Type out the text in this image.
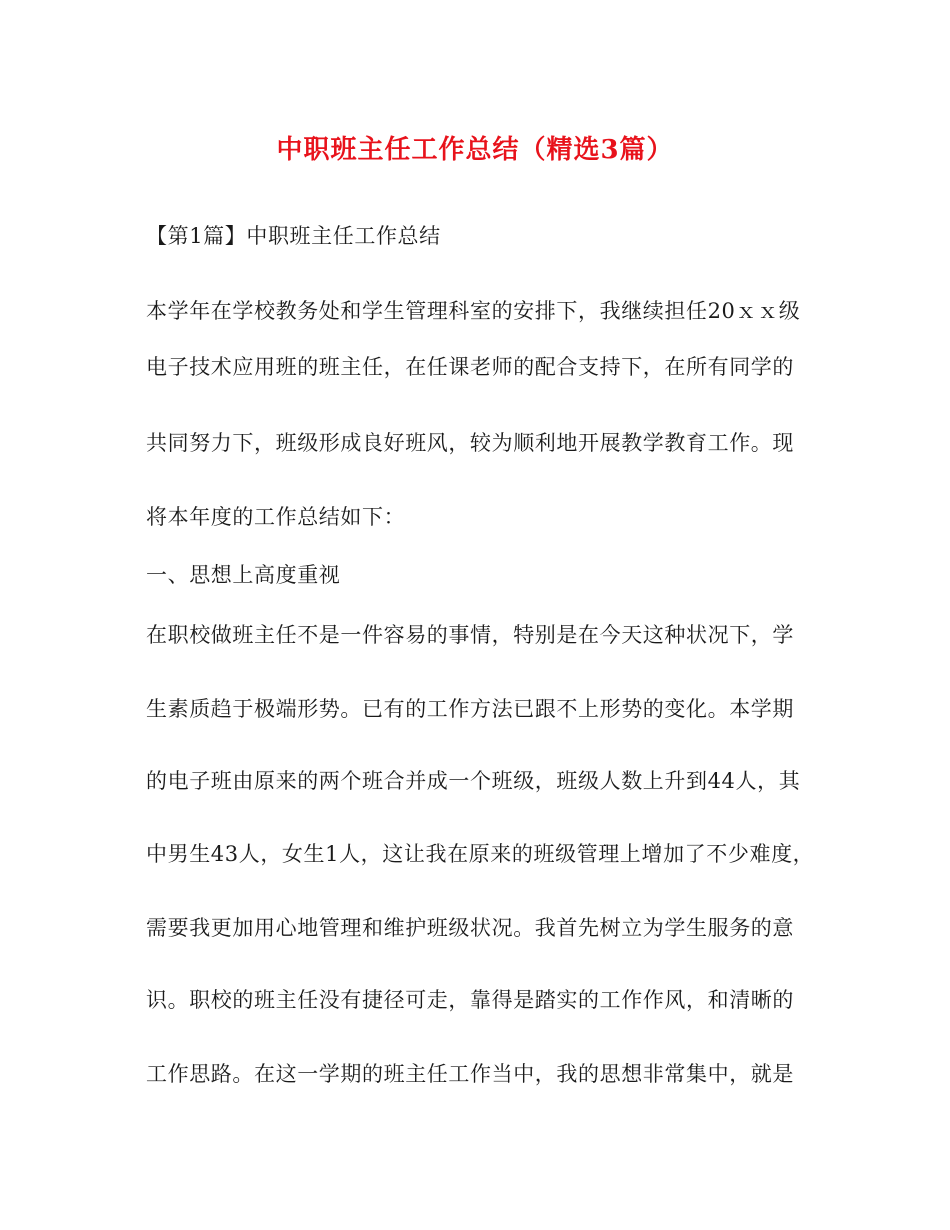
中职班主任工作总结（精选3篇）
【第1篇】中职班主任工作总结
本学年在学校教务处和学生管理科室的安排下，我继续担任20ｘｘ级
电子技术应用班的班主任，在任课老师的配合支持下，在所有同学的
共同努力下，班级形成良好班风，较为顺利地开展教学教育工作。现
将本年度的工作总结如下：
一、思想上高度重视
在职校做班主任不是一件容易的事情，特别是在今天这种状况下，学
生素质趋于极端形势。已有的工作方法已跟不上形势的变化。本学期
的电子班由原来的两个班合并成一个班级，班级人数上升到44人，其
中男生43人，女生1人，这让我在原来的班级管理上增加了不少难度，
需要我更加用心地管理和维护班级状况。我首先树立为学生服务的意
识。职校的班主任没有捷径可走，靠得是踏实的工作作风，和清晰的
工作思路。在这一学期的班主任工作当中，我的思想非常集中，就是
